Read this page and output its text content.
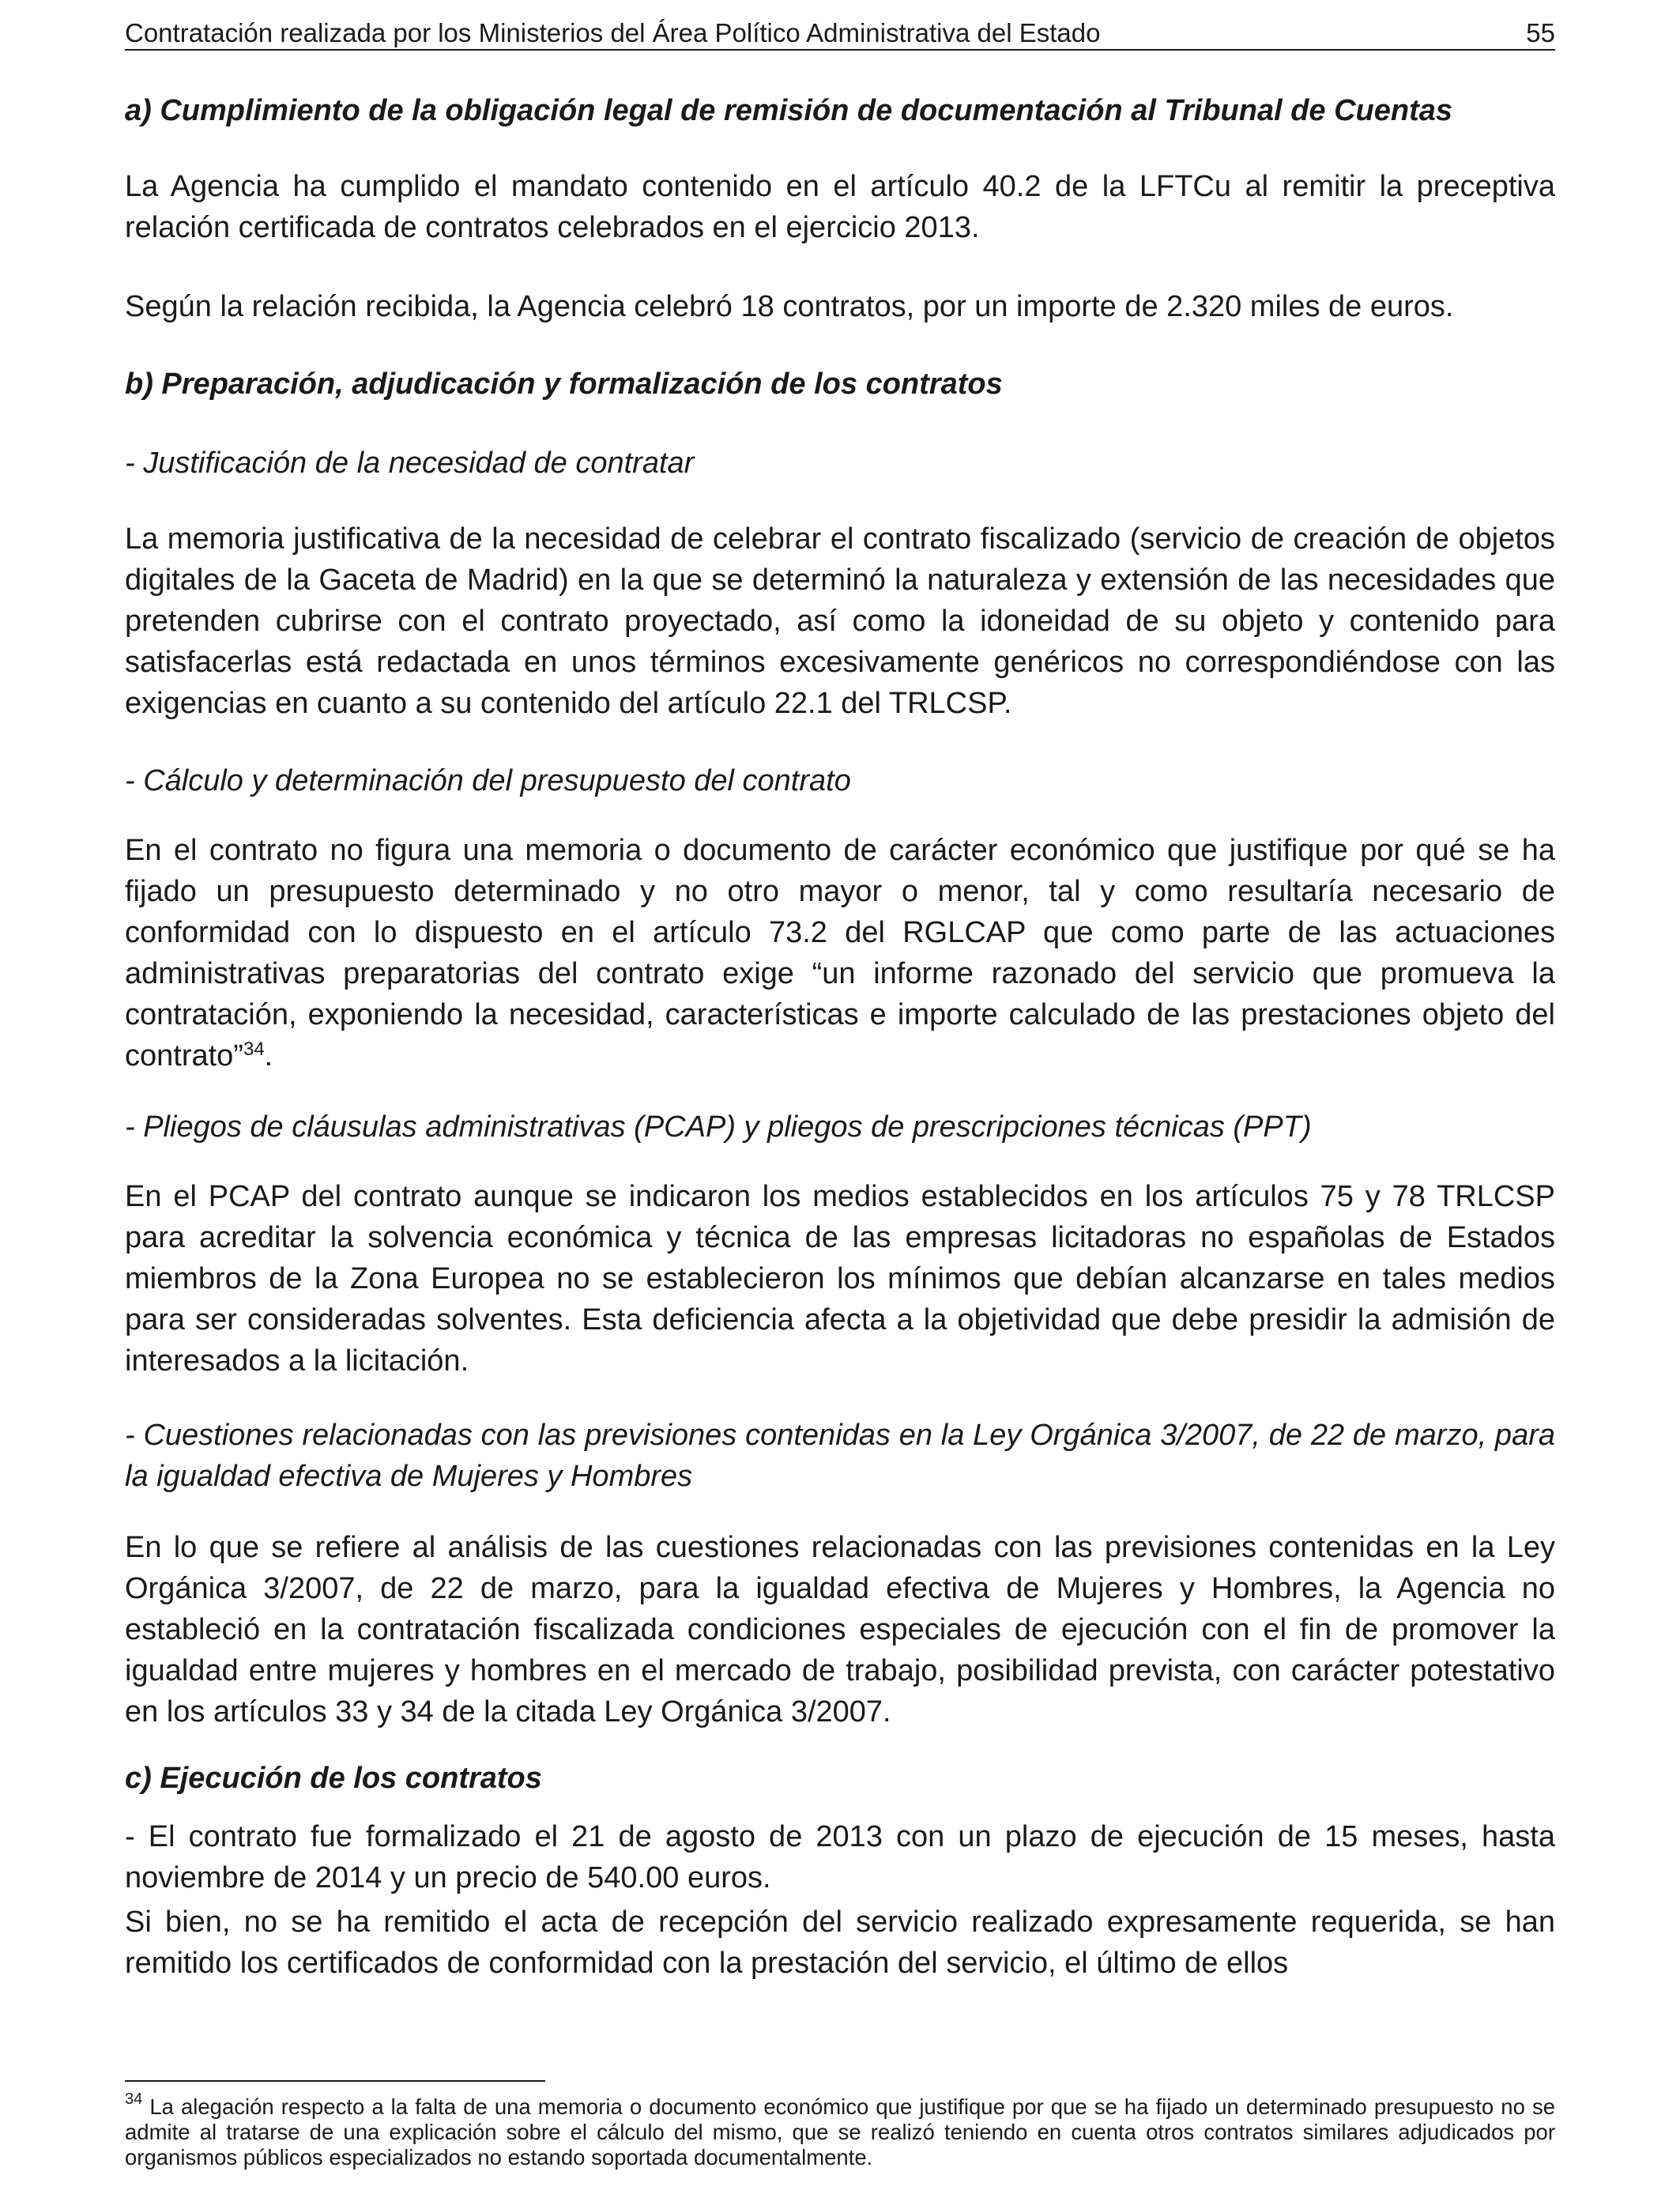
Contratación realizada por los Ministerios del Área Político Administrativa del Estado	55
a) Cumplimiento de la obligación legal de remisión de documentación al Tribunal de Cuentas
La Agencia ha cumplido el mandato contenido en el artículo 40.2 de la LFTCu al remitir la preceptiva relación certificada de contratos celebrados en el ejercicio 2013.
Según la relación recibida, la Agencia celebró 18 contratos, por un importe de 2.320 miles de euros.
b) Preparación, adjudicación y formalización de los contratos
- Justificación de la necesidad de contratar
La memoria justificativa de la necesidad de celebrar el contrato fiscalizado (servicio de creación de objetos digitales de la Gaceta de Madrid) en la que se determinó la naturaleza y extensión de las necesidades que pretenden cubrirse con el contrato proyectado, así como la idoneidad de su objeto y contenido para satisfacerlas está redactada en unos términos excesivamente genéricos no correspondiéndose con las exigencias en cuanto a su contenido del artículo 22.1 del TRLCSP.
- Cálculo y determinación del presupuesto del contrato
En el contrato no figura una memoria o documento de carácter económico que justifique por qué se ha fijado un presupuesto determinado y no otro mayor o menor, tal y como resultaría necesario de conformidad con lo dispuesto en el artículo 73.2 del RGLCAP que como parte de las actuaciones administrativas preparatorias del contrato exige “un informe razonado del servicio que promueva la contratación, exponiendo la necesidad, características e importe calculado de las prestaciones objeto del contrato”$^{34}$.
- Pliegos de cláusulas administrativas (PCAP) y pliegos de prescripciones técnicas (PPT)
En el PCAP del contrato aunque se indicaron los medios establecidos en los artículos 75 y 78 TRLCSP para acreditar la solvencia económica y técnica de las empresas licitadoras no españolas de Estados miembros de la Zona Europea no se establecieron los mínimos que debían alcanzarse en tales medios para ser consideradas solventes. Esta deficiencia afecta a la objetividad que debe presidir la admisión de interesados a la licitación.
- Cuestiones relacionadas con las previsiones contenidas en la Ley Orgánica 3/2007, de 22 de marzo, para la igualdad efectiva de Mujeres y Hombres
En lo que se refiere al análisis de las cuestiones relacionadas con las previsiones contenidas en la Ley Orgánica 3/2007, de 22 de marzo, para la igualdad efectiva de Mujeres y Hombres, la Agencia no estableció en la contratación fiscalizada condiciones especiales de ejecución con el fin de promover la igualdad entre mujeres y hombres en el mercado de trabajo, posibilidad prevista, con carácter potestativo en los artículos 33 y 34 de la citada Ley Orgánica 3/2007.
c) Ejecución de los contratos
- El contrato fue formalizado el 21 de agosto de 2013 con un plazo de ejecución de 15 meses, hasta noviembre de 2014 y un precio de 540.00 euros.
Si bien, no se ha remitido el acta de recepción del servicio realizado expresamente requerida, se han remitido los certificados de conformidad con la prestación del servicio, el último de ellos
$^{34}$ La alegación respecto a la falta de una memoria o documento económico que justifique por que se ha fijado un determinado presupuesto no se admite al tratarse de una explicación sobre el cálculo del mismo, que se realizó teniendo en cuenta otros contratos similares adjudicados por organismos públicos especializados no estando soportada documentalmente.
